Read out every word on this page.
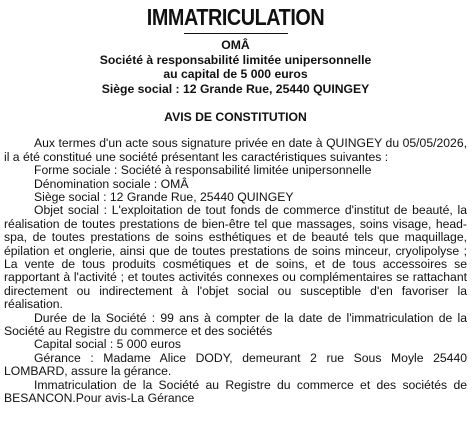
IMMATRICULATION
OMÂ
Société à responsabilité limitée unipersonnelle
au capital de 5 000 euros
Siège social : 12 Grande Rue, 25440 QUINGEY
AVIS DE CONSTITUTION

Aux termes d'un acte sous signature privée en date à QUINGEY du 05/05/2026, il a été constitué une société présentant les caractéristiques suivantes :

Forme sociale : Société à responsabilité limitée unipersonnelle

Dénomination sociale : OMÂ

Siège social : 12 Grande Rue, 25440 QUINGEY

Objet social : L'exploitation de tout fonds de commerce d'institut de beauté, la réalisation de toutes prestations de bien-être tel que massages, soins visage, head-spa, de toutes prestations de soins esthétiques et de beauté tels que maquillage, épilation et onglerie, ainsi que de toutes prestations de soins minceur, cryolipolyse ; La vente de tous produits cosmétiques et de soins, et de tous accessoires se rapportant à l'activité ; et toutes activités connexes ou complémentaires se rattachant directement ou indirectement à l'objet social ou susceptible d'en favoriser la réalisation.

Durée de la Société : 99 ans à compter de la date de l'immatriculation de la Société au Registre du commerce et des sociétés

Capital social : 5 000 euros

Gérance : Madame Alice DODY, demeurant 2 rue Sous Moyle 25440 LOMBARD, assure la gérance.

Immatriculation de la Société au Registre du commerce et des sociétés de BESANCON.Pour avis-La Gérance
